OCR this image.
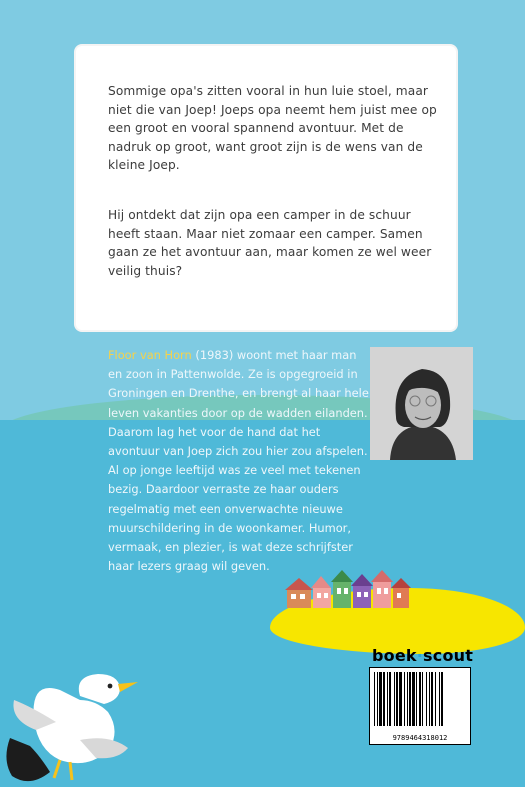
Sommige opa's zitten vooral in hun luie stoel, maar niet die van Joep! Joeps opa neemt hem juist mee op een groot en vooral spannend avontuur. Met de nadruk op groot, want groot zijn is de wens van de kleine Joep.

Hij ontdekt dat zijn opa een camper in de schuur heeft staan. Maar niet zomaar een camper. Samen gaan ze het avontuur aan, maar komen ze wel weer veilig thuis?

Floor van Horn (1983) woont met haar man en zoon in Pattenwolde. Ze is opgegroeid in Groningen en Drenthe, en brengt al haar hele leven vakanties door op de wadden eilanden. Daarom lag het voor de hand dat het avontuur van Joep zich zou hier zou afspelen. Al op jonge leeftijd was ze veel met tekenen bezig. Daardoor verraste ze haar ouders regelmatig met een onverwachte nieuwe muurschildering in de woonkamer. Humor, vermaak, en plezier, is wat deze schrijfster haar lezers graag wil geven.
boek·scout
9789464318012
